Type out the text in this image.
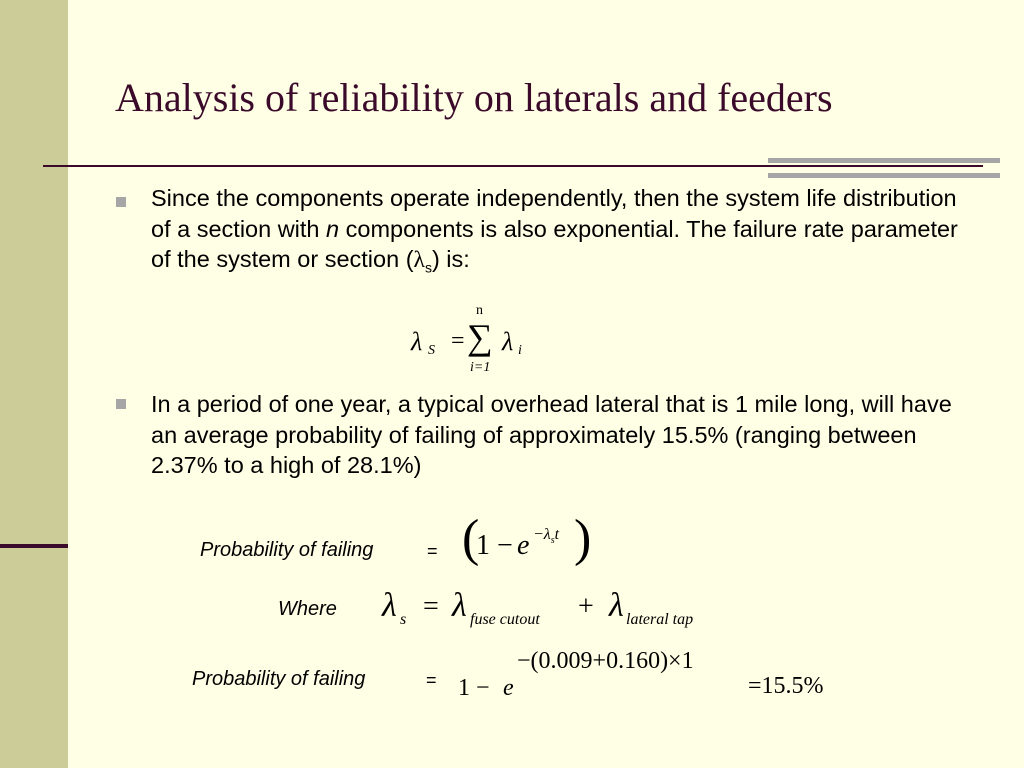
Analysis of reliability on laterals and feeders

Since the components operate independently, then the system life distribution of a section with n components is also exponential. The failure rate parameter of the system or section $(\lambda_s)$ is:

λ S =
n
∑
i=1
λ i

In a period of one year, a typical overhead lateral that is 1 mile long, will have an average probability of failing of approximately 15.5% (ranging between 2.37% to a high of 28.1%)

Probability of failing	= (
$1 - e -\lambda_st$ )
Where λ s = λ fuse cutout + λ lateral tap
Probability of failing	= 1 − e
−(0.009+0.160)×1
=15.5%
